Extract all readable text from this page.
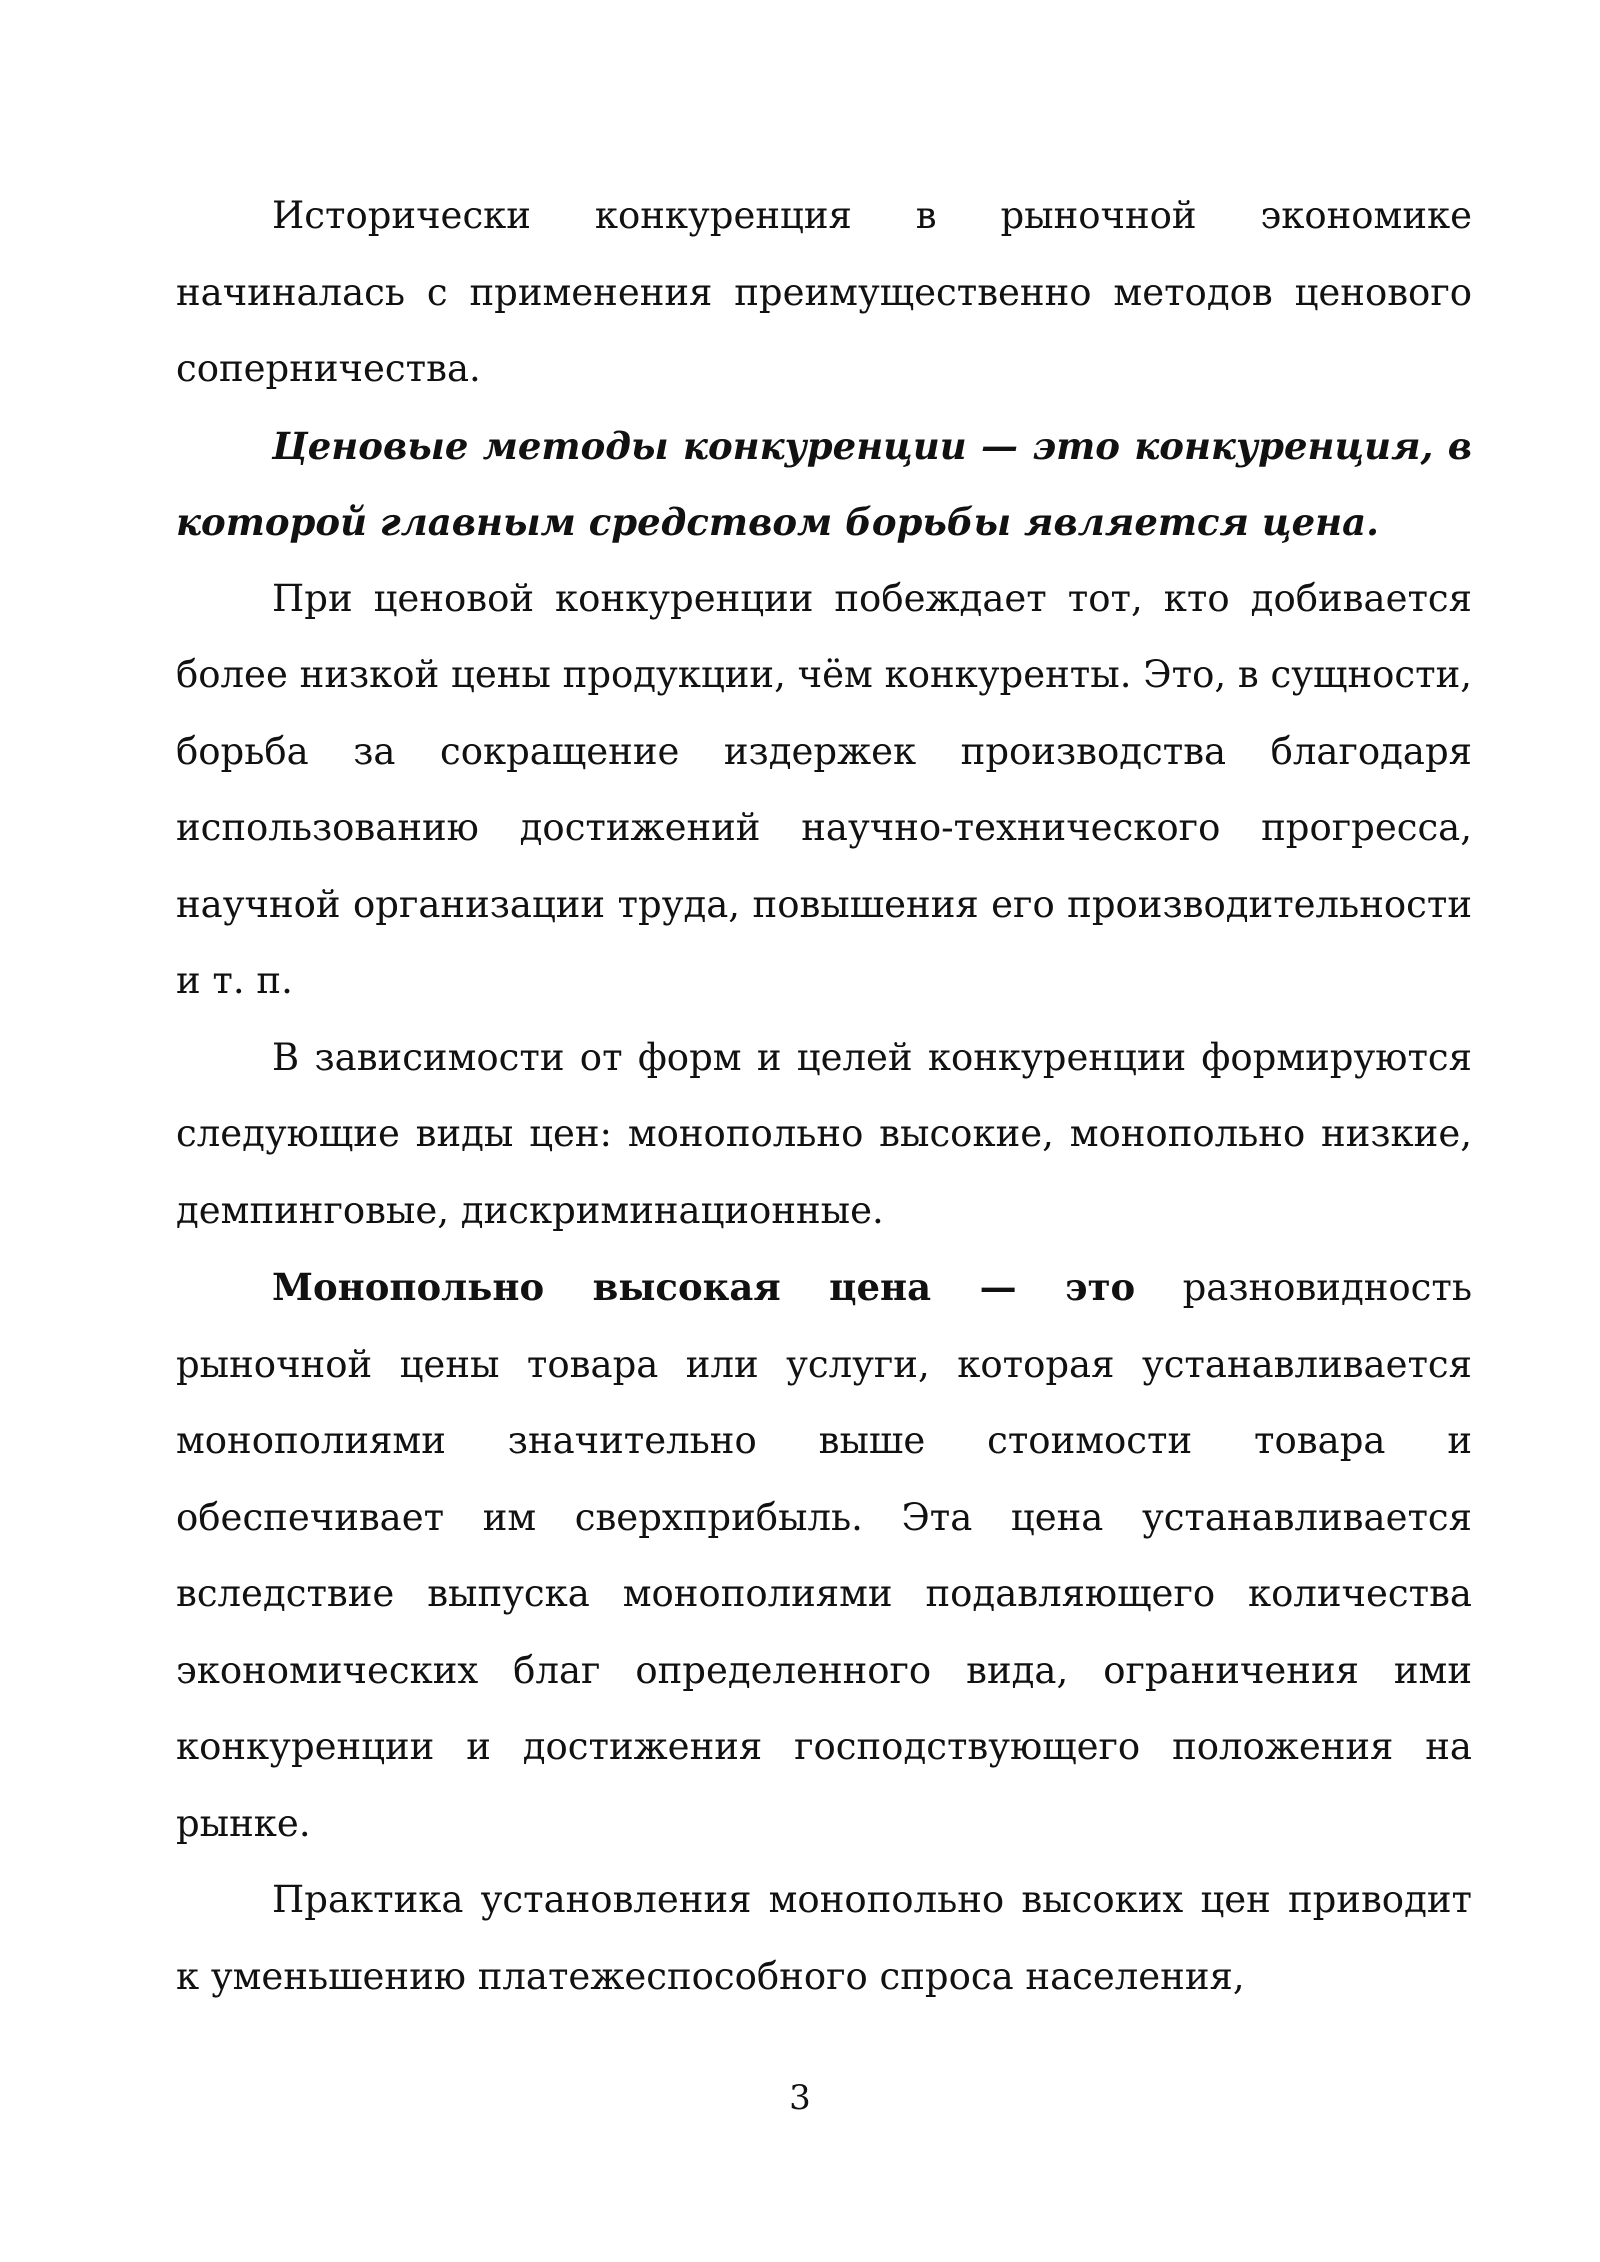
Исторически конкуренция в рыночной экономике начиналась с применения преимущественно методов ценового соперничества.

Ценовые методы конкуренции — это конкуренция, в которой главным средством борьбы является цена.

При ценовой конкуренции побеждает тот, кто добивается более низкой цены продукции, чём конкуренты. Это, в сущности, борьба за сокращение издержек производства благодаря использованию достижений научно-технического прогресса, научной организации труда, повышения его производительности и т. п.

В зависимости от форм и целей конкуренции формируются следующие виды цен: монопольно высокие, монопольно низкие, демпинговые, дискриминационные.

Монопольно высокая цена — это разновидность рыночной цены товара или услуги, которая устанавливается монополиями значительно выше стоимости товара и обеспечивает им сверхприбыль. Эта цена устанавливается вследствие выпуска монополиями подавляющего количества экономических благ определенного вида, ограничения ими конкуренции и достижения господствующего положения на рынке.

Практика установления монопольно высоких цен приводит к уменьшению платежеспособного спроса населения,

3
